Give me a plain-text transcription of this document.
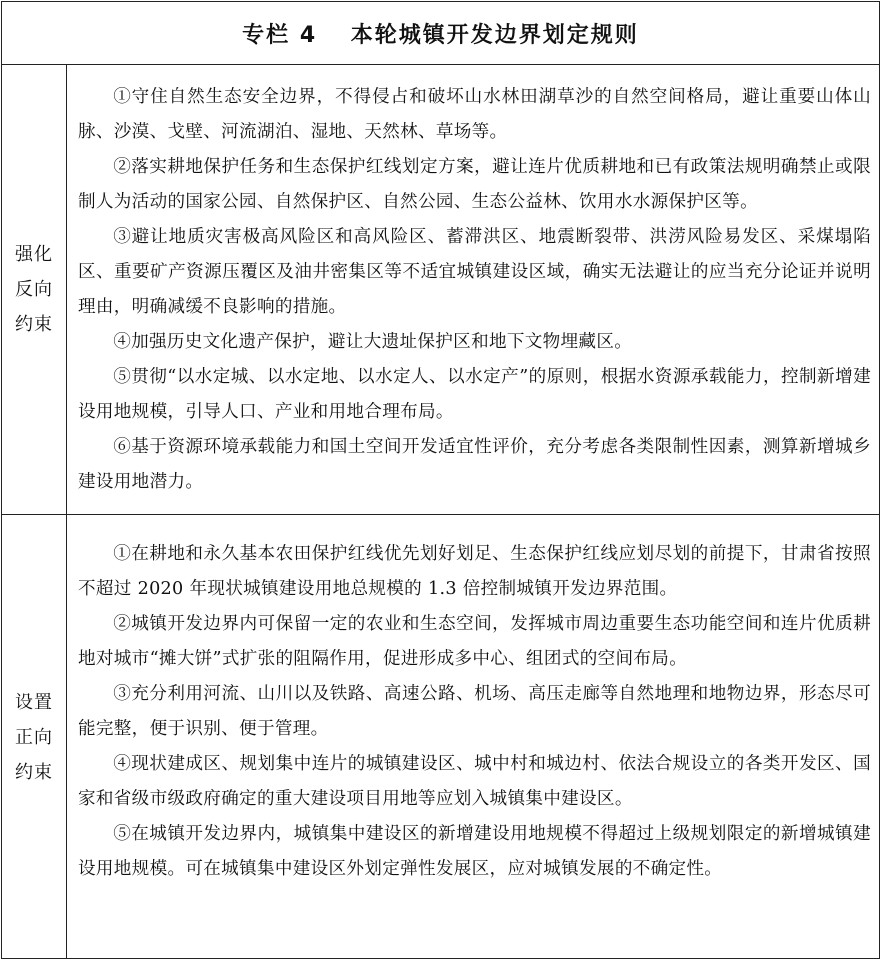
专栏 4　 本轮城镇开发边界划定规则
强化反向约束

①守住自然生态安全边界，不得侵占和破坏山水林田湖草沙的自然空间格局，避让重要山体山脉、沙漠、戈壁、河流湖泊、湿地、天然林、草场等。

②落实耕地保护任务和生态保护红线划定方案，避让连片优质耕地和已有政策法规明确禁止或限制人为活动的国家公园、自然保护区、自然公园、生态公益林、饮用水水源保护区等。

③避让地质灾害极高风险区和高风险区、蓄滞洪区、地震断裂带、洪涝风险易发区、采煤塌陷区、重要矿产资源压覆区及油井密集区等不适宜城镇建设区域，确实无法避让的应当充分论证并说明理由，明确减缓不良影响的措施。

④加强历史文化遗产保护，避让大遗址保护区和地下文物埋藏区。

⑤贯彻“以水定城、以水定地、以水定人、以水定产”的原则，根据水资源承载能力，控制新增建设用地规模，引导人口、产业和用地合理布局。

⑥基于资源环境承载能力和国土空间开发适宜性评价，充分考虑各类限制性因素，测算新增城乡建设用地潜力。

设置正向约束

①在耕地和永久基本农田保护红线优先划好划足、生态保护红线应划尽划的前提下，甘肃省按照不超过 2020 年现状城镇建设用地总规模的 1.3 倍控制城镇开发边界范围。

②城镇开发边界内可保留一定的农业和生态空间，发挥城市周边重要生态功能空间和连片优质耕地对城市“摊大饼”式扩张的阻隔作用，促进形成多中心、组团式的空间布局。

③充分利用河流、山川以及铁路、高速公路、机场、高压走廊等自然地理和地物边界，形态尽可能完整，便于识别、便于管理。

④现状建成区、规划集中连片的城镇建设区、城中村和城边村、依法合规设立的各类开发区、国家和省级市级政府确定的重大建设项目用地等应划入城镇集中建设区。

⑤在城镇开发边界内，城镇集中建设区的新增建设用地规模不得超过上级规划限定的新增城镇建设用地规模。可在城镇集中建设区外划定弹性发展区，应对城镇发展的不确定性。
